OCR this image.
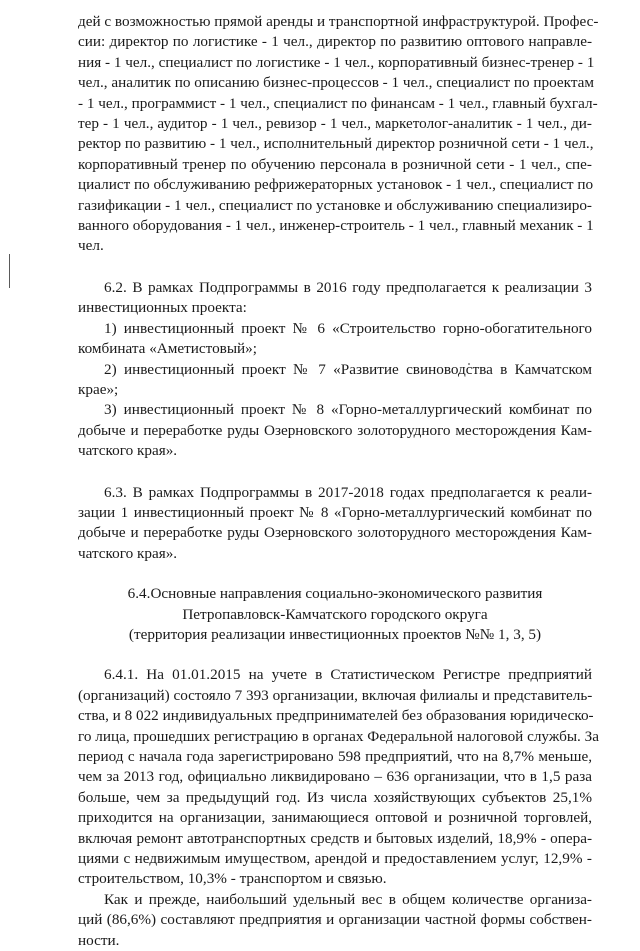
дей с возможностью прямой аренды и транспортной инфраструктурой. Профес-
сии: директор по логистике - 1 чел., директор по развитию оптового направле-
ния - 1 чел., специалист по логистике - 1 чел., корпоративный бизнес-тренер - 1
чел., аналитик по описанию бизнес-процессов - 1 чел., специалист по проектам
- 1 чел., программист - 1 чел., специалист по финансам - 1 чел., главный бухгал-
тер - 1 чел., аудитор - 1 чел., ревизор - 1 чел., маркетолог-аналитик - 1 чел., ди-
ректор по развитию - 1 чел., исполнительный директор розничной сети - 1 чел.,
корпоративный тренер по обучению персонала в розничной сети - 1 чел., спе-
циалист по обслуживанию рефрижераторных установок - 1 чел., специалист по
газификации - 1 чел., специалист по установке и обслуживанию специализиро-
ванного оборудования - 1 чел., инженер-строитель - 1 чел., главный механик - 1
чел.
6.2. В рамках Подпрограммы в 2016 году предполагается к реализации 3
инвестиционных проекта:
1) инвестиционный проект № 6 «Строительство горно-обогатительного
комбината «Аметистовый»;
2) инвестиционный проект № 7 «Развитие свиноводства в Камчатском
крае»;
3) инвестиционный проект № 8 «Горно-металлургический комбинат по
добыче и переработке руды Озерновского золоторудного месторождения Кам-
чатского края».
6.3. В рамках Подпрограммы в 2017-2018 годах предполагается к реали-
зации 1 инвестиционный проект № 8 «Горно-металлургический комбинат по
добыче и переработке руды Озерновского золоторудного месторождения Кам-
чатского края».
6.4.Основные направления социально-экономического развития
Петропавловск-Камчатского городского округа
(территория реализации инвестиционных проектов №№ 1, 3, 5)
6.4.1. На 01.01.2015 на учете в Статистическом Регистре предприятий
(организаций) состояло 7 393 организации, включая филиалы и представитель-
ства, и 8 022 индивидуальных предпринимателей без образования юридическо-
го лица, прошедших регистрацию в органах Федеральной налоговой службы. За
период с начала года зарегистрировано 598 предприятий, что на 8,7% меньше,
чем за 2013 год, официально ликвидировано – 636 организации, что в 1,5 раза
больше, чем за предыдущий год. Из числа хозяйствующих субъектов 25,1%
приходится на организации, занимающиеся оптовой и розничной торговлей,
включая ремонт автотранспортных средств и бытовых изделий, 18,9% - опера-
циями с недвижимым имуществом, арендой и предоставлением услуг, 12,9% -
строительством, 10,3% - транспортом и связью.
Как и прежде, наибольший удельный вес в общем количестве организа-
ций (86,6%) составляют предприятия и организации частной формы собствен-
ности.
